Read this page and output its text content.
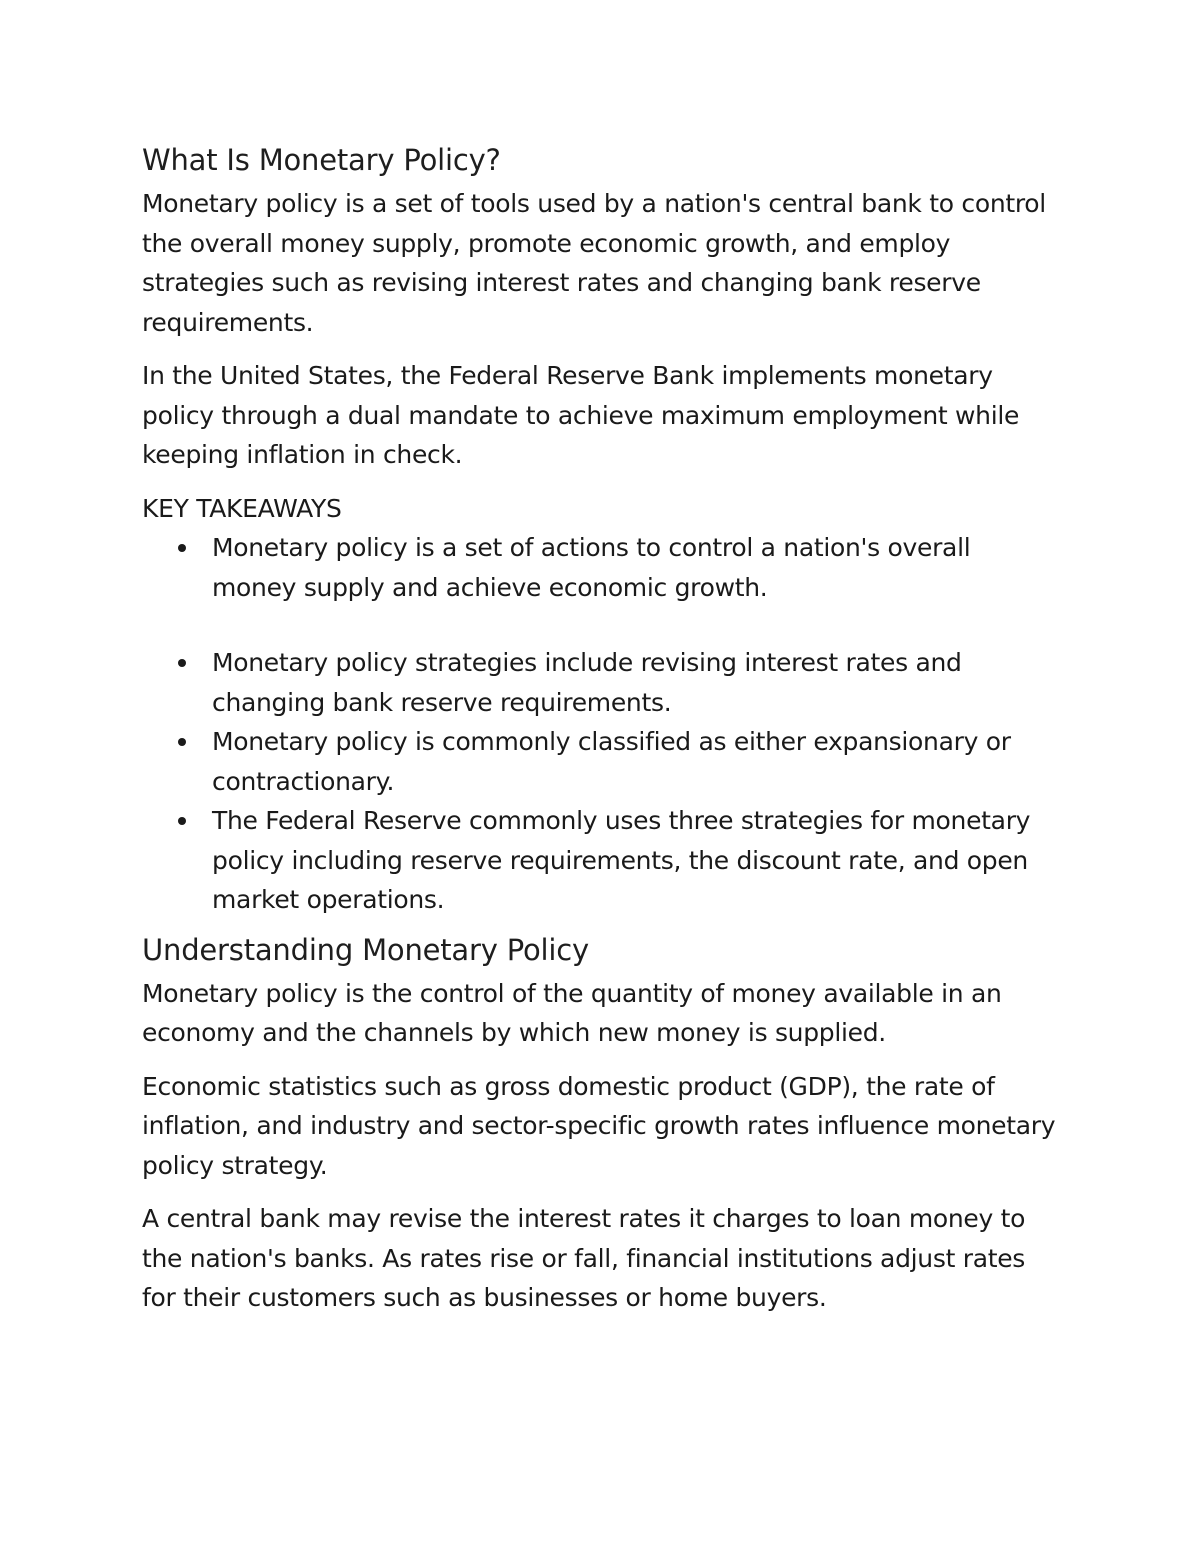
What Is Monetary Policy?

Monetary policy is a set of tools used by a nation's central bank to control the overall money supply, promote economic growth, and employ strategies such as revising interest rates and changing bank reserve requirements.

In the United States, the Federal Reserve Bank implements monetary policy through a dual mandate to achieve maximum employment while keeping inflation in check.

KEY TAKEAWAYS

Monetary policy is a set of actions to control a nation's overall money supply and achieve economic growth.
Monetary policy strategies include revising interest rates and changing bank reserve requirements.
Monetary policy is commonly classified as either expansionary or contractionary.
The Federal Reserve commonly uses three strategies for monetary policy including reserve requirements, the discount rate, and open market operations.
Understanding Monetary Policy

Monetary policy is the control of the quantity of money available in an economy and the channels by which new money is supplied.

Economic statistics such as gross domestic product (GDP), the rate of inflation, and industry and sector-specific growth rates influence monetary policy strategy.

A central bank may revise the interest rates it charges to loan money to the nation's banks. As rates rise or fall, financial institutions adjust rates for their customers such as businesses or home buyers.
